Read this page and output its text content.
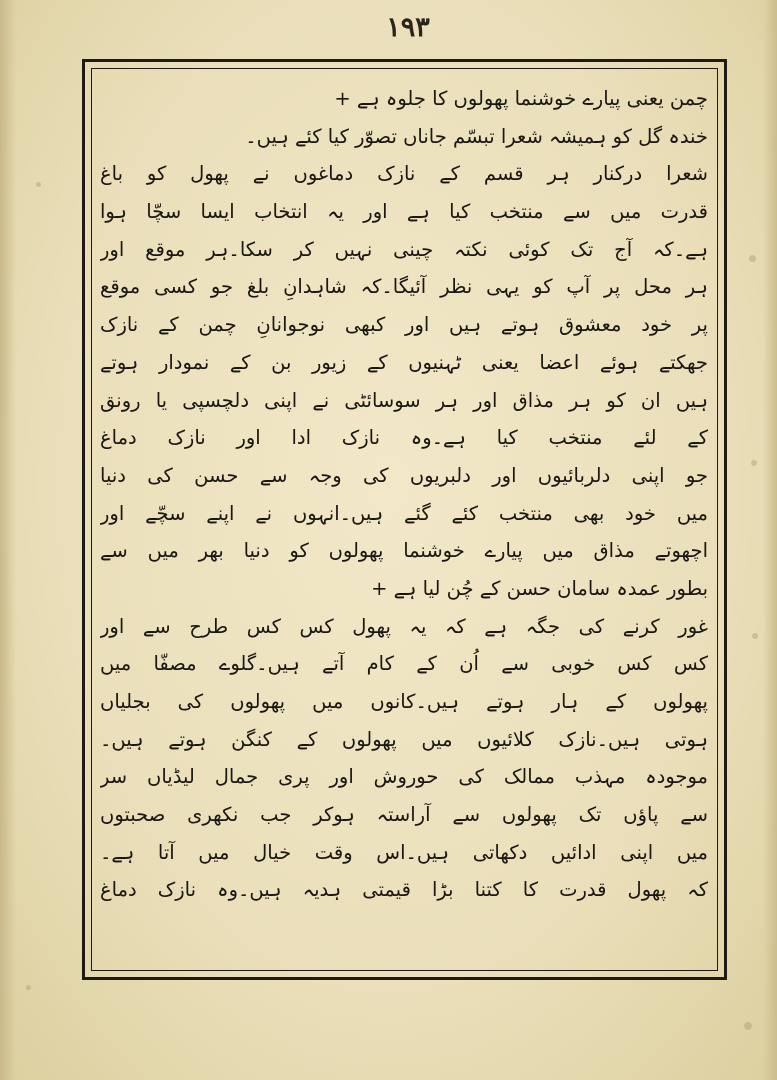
۱۹۳
چمن یعنی پیارے خوشنما پھولوں کا جلوہ ہے +
خندہ گل کو ہمیشہ شعرا تبسّم جاناں تصوّر کیا کئے ہیں۔
شعرا درکنار ہر قسم کے نازک دماغوں نے پھول کو باغ
قدرت میں سے منتخب کیا ہے اور یہ انتخاب ایسا سچّا ہوا
ہے۔کہ آج تک کوئی نکتہ چینی نہیں کر سکا۔ہر موقع اور
ہر محل پر آپ کو یہی نظر آئیگا۔کہ شاہدانِ بلغ جو کسی موقع
پر خود معشوق ہوتے ہیں اور کبھی نوجوانانِ چمن کے نازک
جھکتے ہوئے اعضا یعنی ٹہنیوں کے زیور بن کے نمودار ہوتے
ہیں ان کو ہر مذاق اور ہر سوسائٹی نے اپنی دلچسپی یا رونق
کے لئے منتخب کیا ہے۔وہ نازک ادا اور نازک دماغ
جو اپنی دلربائیوں اور دلبریوں کی وجہ سے حسن کی دنیا
میں خود بھی منتخب کئے گئے ہیں۔انہوں نے اپنے سچّے اور
اچھوتے مذاق میں پیارے خوشنما پھولوں کو دنیا بھر میں سے
بطور عمدہ سامان حسن کے چُن لیا ہے +
غور کرنے کی جگہ ہے کہ یہ پھول کس کس طرح سے اور
کس کس خوبی سے اُن کے کام آتے ہیں۔گلوے مصفّا میں
پھولوں کے ہار ہوتے ہیں۔کانوں میں پھولوں کی بجلیاں
ہوتی ہیں۔نازک کلائیوں میں پھولوں کے کنگن ہوتے ہیں۔
موجودہ مہذب ممالک کی حوروش اور پری جمال لیڈیاں سر
سے پاؤں تک پھولوں سے آراستہ ہوکر جب نکھری صحبتوں
میں اپنی ادائیں دکھاتی ہیں۔اس وقت خیال میں آتا ہے۔
کہ پھول قدرت کا کتنا بڑا قیمتی ہدیہ ہیں۔وہ نازک دماغ
